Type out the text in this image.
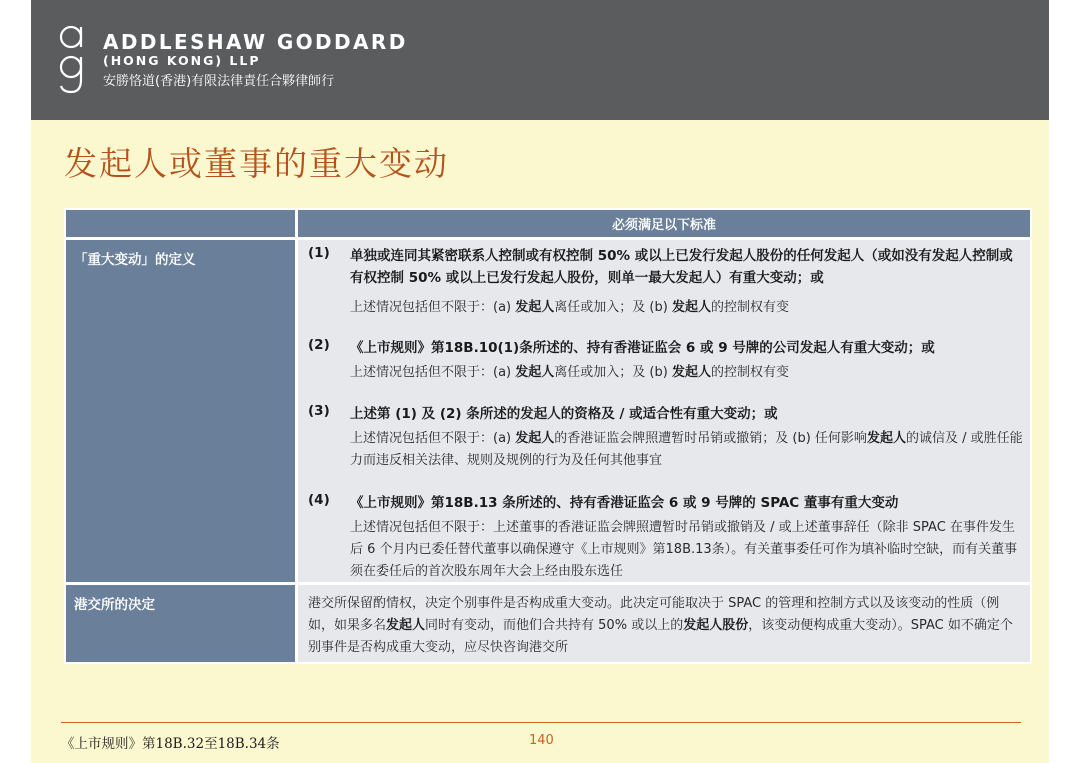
ADDLESHAW GODDARD
(HONG KONG) LLP
安勝恪道(香港)有限法律責任合夥律師行
发起人或董事的重大变动
必须满足以下标准
「重大变动」的定义	(1) 单独或连同其紧密联系人控制或有权控制 50% 或以上已发行发起人股份的任何发起人（或如没有发起人控制或有权控制 50% 或以上已发行发起人股份，则单一最大发起人）有重大变动；或
上述情况包括但不限于：(a) 发起人离任或加入；及 (b) 发起人的控制权有变
(2) 《上市规则》第18B.10(1)条所述的、持有香港证监会 6 或 9 号牌的公司发起人有重大变动；或
上述情况包括但不限于：(a) 发起人离任或加入；及 (b) 发起人的控制权有变
(3) 上述第 (1) 及 (2) 条所述的发起人的资格及 / 或适合性有重大变动；或
上述情况包括但不限于：(a) 发起人的香港证监会牌照遭暂时吊销或撤销；及 (b) 任何影响发起人的诚信及 / 或胜任能力而违反相关法律、规则及规例的行为及任何其他事宜
(4) 《上市规则》第18B.13 条所述的、持有香港证监会 6 或 9 号牌的 SPAC 董事有重大变动
上述情况包括但不限于：上述董事的香港证监会牌照遭暂时吊销或撤销及 / 或上述董事辞任（除非 SPAC 在事件发生后 6 个月内已委任替代董事以确保遵守《上市规则》第18B.13条）。有关董事委任可作为填补临时空缺，而有关董事须在委任后的首次股东周年大会上经由股东选任
港交所的决定	港交所保留酌情权，决定个别事件是否构成重大变动。此决定可能取决于 SPAC 的管理和控制方式以及该变动的性质（例如，如果多名发起人同时有变动，而他们合共持有 50% 或以上的发起人股份，该变动便构成重大变动）。SPAC 如不确定个别事件是否构成重大变动，应尽快咨询港交所
《上市规则》第18B.32至18B.34条	140
